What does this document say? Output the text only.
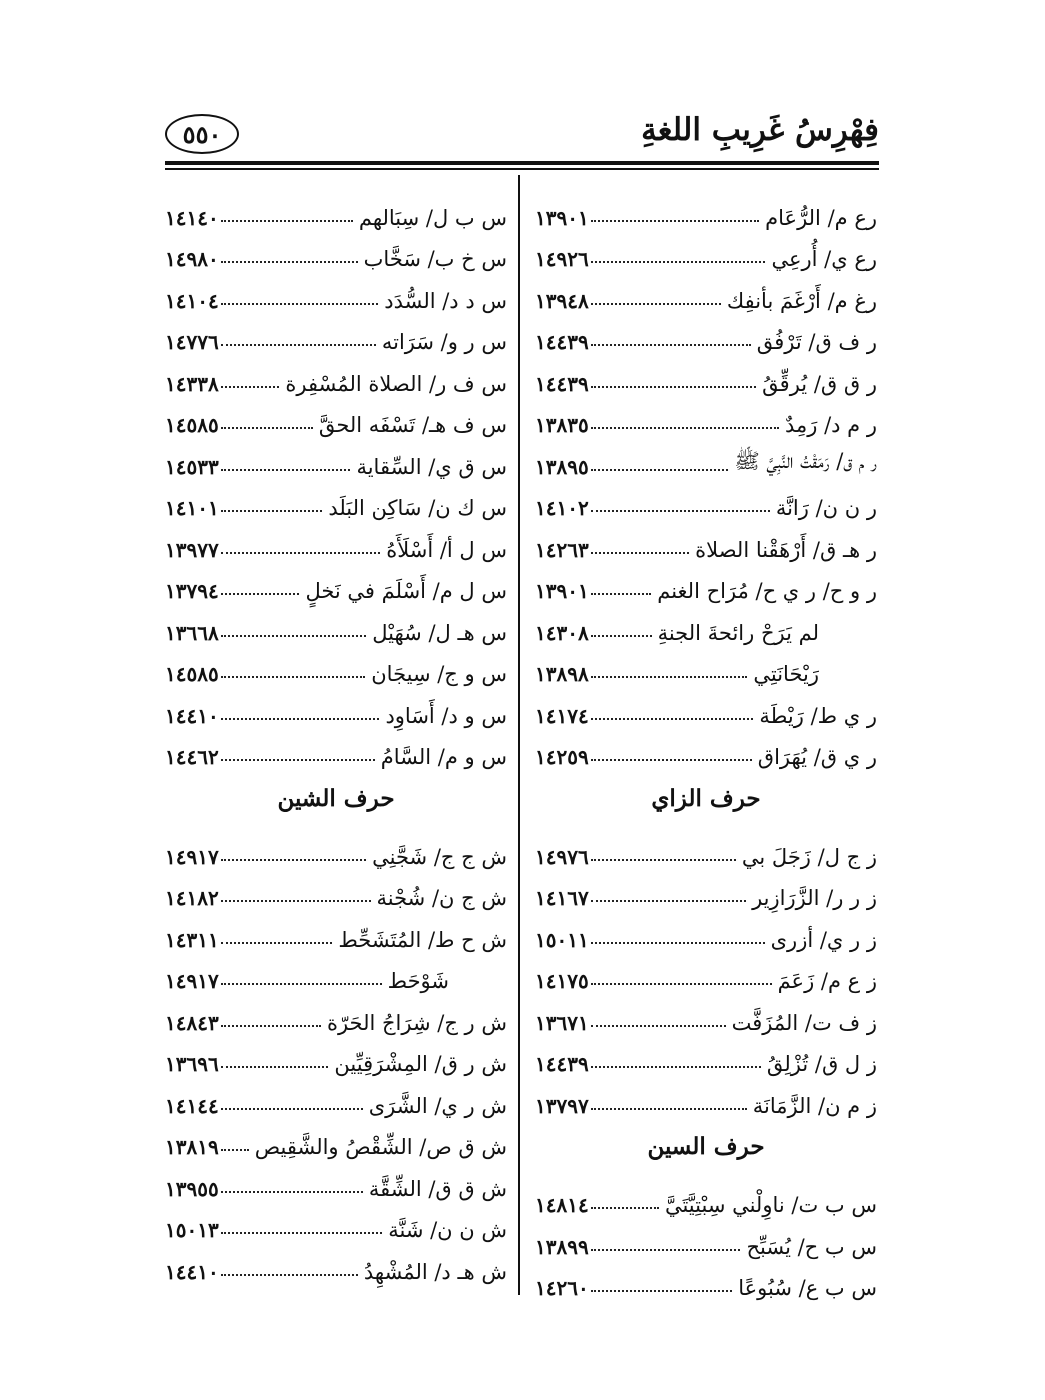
فِهْرِسُ غَرِيبِ اللغةِ
٥٥٠
رع م/ الرُّعَام
١٣٩٠١
رع ي/ أُرعِي
١٤٩٢٦
رغ م/ أَرْغَمَ بأنفِك
١٣٩٤٨
ر ف ق/ تَرْفُق
١٤٤٣٩
ر ق ق/ يُرقِّقُ
١٤٤٣٩
ر م د/ رَمِدٌ
١٣٨٣٥
ر م ق/ رَمَقْتُ النَّبِيَّ ﷺ
١٣٨٩٥
ر ن ن/ رَانَّة
١٤١٠٢
ر هـ ق/ أَرْهَقْنا الصلاة
١٤٢٦٣
ر و ح/ ر ي ح/ مُرَاح الغنم
١٣٩٠١
لم يَرَحْ رائحةَ الجنةِ
١٤٣٠٨
رَيْحَانَتِي
١٣٨٩٨
ر ي ط/ رَيْطَة
١٤١٧٤
ر ي ق/ يُهَرَاق
١٤٢٥٩
حرف الزاي
ز ج ل/ زَجَلَ بي
١٤٩٧٦
ز ر ر/ الزَّرَازِير
١٤١٦٧
ز ر ي/ أزرى
١٥٠١١
ز ع م/ زَعَمَ
١٤١٧٥
ز ف ت/ المُزَفَّت
١٣٦٧١
ز ل ق/ تُزْلِقُ
١٤٤٣٩
ز م ن/ الزَّمَانَة
١٣٧٩٧
حرف السين
س ب ت/ ناوِلْني سِبْتِيَّتَيَّ
١٤٨١٤
س ب ح/ يُسَبِّح
١٣٨٩٩
س ب ع/ سُبُوعًا
١٤٢٦٠
س ب ل/ سِبَالهم
١٤١٤٠
س خ ب/ سَخَّاب
١٤٩٨٠
س د د/ السُّدَد
١٤١٠٤
س ر و/ سَرَاته
١٤٧٧٦
س ف ر/ الصلاة المُسْفِرة
١٤٣٣٨
س ف هـ/ تَسْفَه الحقَّ
١٤٥٨٥
س ق ي/ السِّقاية
١٤٥٣٣
س ك ن/ سَاكِن البَلَد
١٤١٠١
س ل أ/ أَسْلَأَهُ
١٣٩٧٧
س ل م/ أَسْلَمَ في نَخلٍ
١٣٧٩٤
س هـ ل/ سُهَيْل
١٣٦٦٨
س و ج/ سِيجَان
١٤٥٨٥
س و د/ أَسَاوِد
١٤٤١٠
س و م/ السَّامُ
١٤٤٦٢
حرف الشين
ش ج ج/ شَجَّنِي
١٤٩١٧
ش ج ن/ شُجْنة
١٤١٨٢
ش ح ط/ المُتَشَحِّط
١٤٣١١
شَوْحَط
١٤٩١٧
ش ر ج/ شِرَاجُ الحَرّة
١٤٨٤٣
ش ر ق/ المِشْرَقِيِّين
١٣٦٩٦
ش ر ي/ الشَّرَى
١٤١٤٤
ش ق ص/ الشِّقْصُ والشَّقِيص
١٣٨١٩
ش ق ق/ الشِّقَّة
١٣٩٥٥
ش ن ن/ شَنَّة
١٥٠١٣
ش هـ د/ المُشْهِدُ
١٤٤١٠
